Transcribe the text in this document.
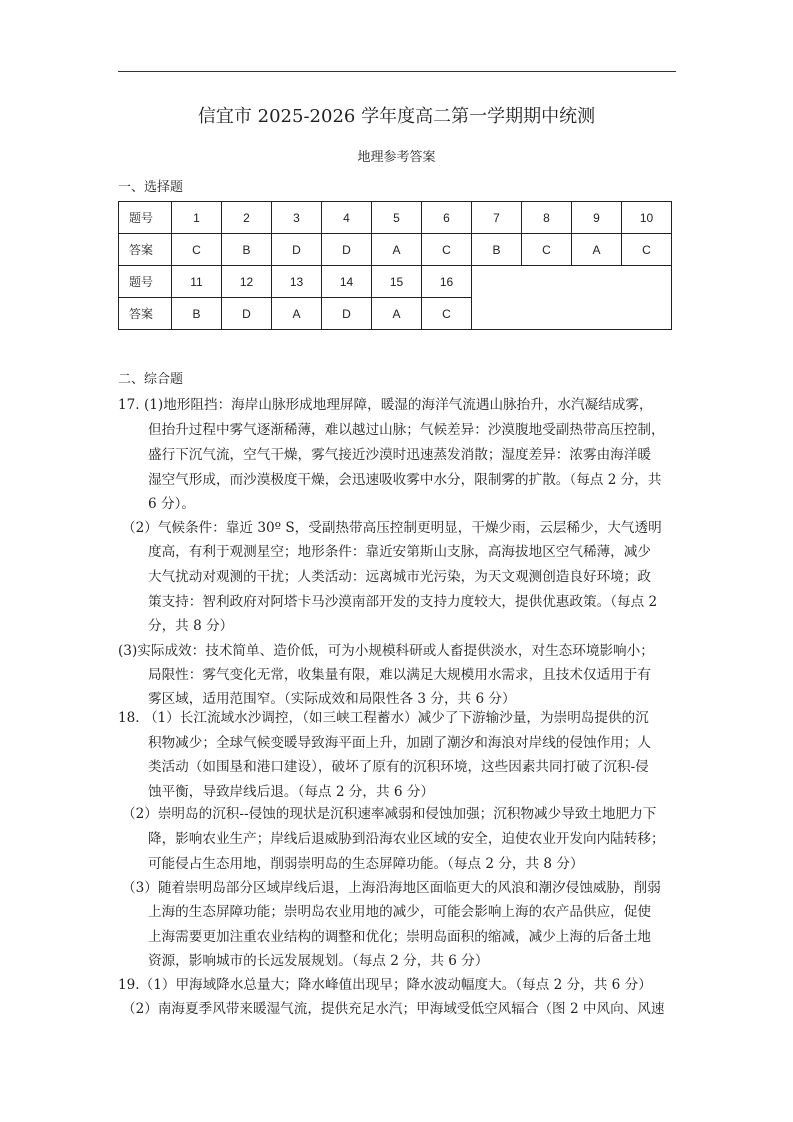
信宜市 2025-2026 学年度高二第一学期期中统测
地理参考答案
一、选择题
题号	1	2	3	4	5	6	7	8	9	10
答案	C	B	D	D	A	C	B	C	A	C
题号	11	12	13	14	15	16				
答案	B	D	A	D	A	C				
二、综合题
17. (1)地形阻挡：海岸山脉形成地理屏障，暖湿的海洋气流遇山脉抬升，水汽凝结成雾，
但抬升过程中雾气逐渐稀薄，难以越过山脉；气候差异：沙漠腹地受副热带高压控制，
盛行下沉气流，空气干燥，雾气接近沙漠时迅速蒸发消散；湿度差异：浓雾由海洋暖
湿空气形成，而沙漠极度干燥，会迅速吸收雾中水分，限制雾的扩散。（每点 2 分，共
6 分）。
（2）气候条件：靠近 30º S，受副热带高压控制更明显，干燥少雨，云层稀少，大气透明
度高，有利于观测星空；地形条件：靠近安第斯山支脉，高海拔地区空气稀薄，减少
大气扰动对观测的干扰；人类活动：远离城市光污染，为天文观测创造良好环境；政
策支持：智利政府对阿塔卡马沙漠南部开发的支持力度较大，提供优惠政策。（每点 2
分，共 8 分）
(3)实际成效：技术简单、造价低，可为小规模科研或人畜提供淡水，对生态环境影响小；
局限性：雾气变化无常，收集量有限，难以满足大规模用水需求，且技术仅适用于有
雾区域，适用范围窄。（实际成效和局限性各 3 分，共 6 分）
18. （1）长江流域水沙调控，（如三峡工程蓄水）减少了下游输沙量，为崇明岛提供的沉
积物减少；全球气候变暖导致海平面上升，加剧了潮汐和海浪对岸线的侵蚀作用；人
类活动（如围垦和港口建设），破坏了原有的沉积环境，这些因素共同打破了沉积-侵
蚀平衡，导致岸线后退。（每点 2 分，共 6 分）
（2）崇明岛的沉积--侵蚀的现状是沉积速率减弱和侵蚀加强；沉积物减少导致土地肥力下
降，影响农业生产；岸线后退威胁到沿海农业区域的安全，迫使农业开发向内陆转移；
可能侵占生态用地，削弱崇明岛的生态屏障功能。（每点 2 分，共 8 分）
（3）随着崇明岛部分区域岸线后退，上海沿海地区面临更大的风浪和潮汐侵蚀威胁，削弱
上海的生态屏障功能；崇明岛农业用地的减少，可能会影响上海的农产品供应，促使
上海需要更加注重农业结构的调整和优化；崇明岛面积的缩减，减少上海的后备土地
资源，影响城市的长远发展规划。（每点 2 分，共 6 分）
19.（1）甲海域降水总量大；降水峰值出现早；降水波动幅度大。（每点 2 分，共 6 分）
（2）南海夏季风带来暖湿气流，提供充足水汽；甲海域受低空风辐合（图 2 中风向、风速
